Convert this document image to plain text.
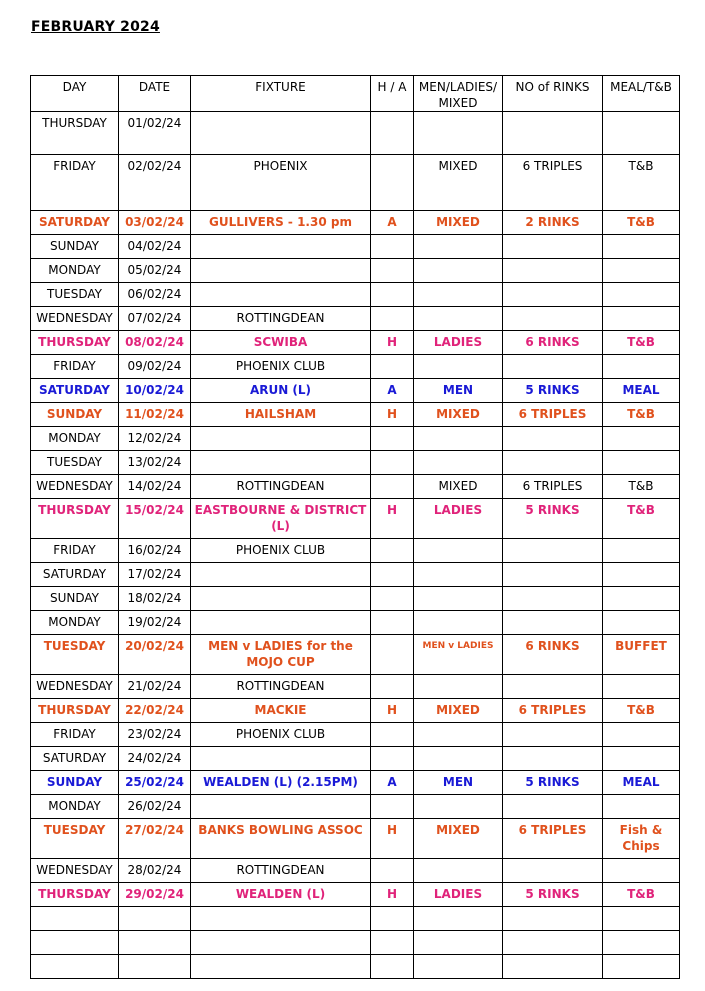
FEBRUARY 2024
DAY	DATE	FIXTURE	H / A	MEN/LADIES/ MIXED	NO of RINKS	MEAL/T&B
THURSDAY	01/02/24					
FRIDAY	02/02/24	PHOENIX		MIXED	6 TRIPLES	T&B
SATURDAY	03/02/24	GULLIVERS - 1.30 pm	A	MIXED	2 RINKS	T&B
SUNDAY	04/02/24					
MONDAY	05/02/24					
TUESDAY	06/02/24					
WEDNESDAY	07/02/24	ROTTINGDEAN				
THURSDAY	08/02/24	SCWIBA	H	LADIES	6 RINKS	T&B
FRIDAY	09/02/24	PHOENIX CLUB				
SATURDAY	10/02/24	ARUN (L)	A	MEN	5 RINKS	MEAL
SUNDAY	11/02/24	HAILSHAM	H	MIXED	6 TRIPLES	T&B
MONDAY	12/02/24					
TUESDAY	13/02/24					
WEDNESDAY	14/02/24	ROTTINGDEAN		MIXED	6 TRIPLES	T&B
THURSDAY	15/02/24	EASTBOURNE & DISTRICT (L)	H	LADIES	5 RINKS	T&B
FRIDAY	16/02/24	PHOENIX CLUB				
SATURDAY	17/02/24					
SUNDAY	18/02/24					
MONDAY	19/02/24					
TUESDAY	20/02/24	MEN v LADIES for the MOJO CUP		MEN v LADIES	6 RINKS	BUFFET
WEDNESDAY	21/02/24	ROTTINGDEAN				
THURSDAY	22/02/24	MACKIE	H	MIXED	6 TRIPLES	T&B
FRIDAY	23/02/24	PHOENIX CLUB				
SATURDAY	24/02/24					
SUNDAY	25/02/24	WEALDEN (L) (2.15PM)	A	MEN	5 RINKS	MEAL
MONDAY	26/02/24					
TUESDAY	27/02/24	BANKS BOWLING ASSOC	H	MIXED	6 TRIPLES	Fish & Chips
WEDNESDAY	28/02/24	ROTTINGDEAN				
THURSDAY	29/02/24	WEALDEN (L)	H	LADIES	5 RINKS	T&B
